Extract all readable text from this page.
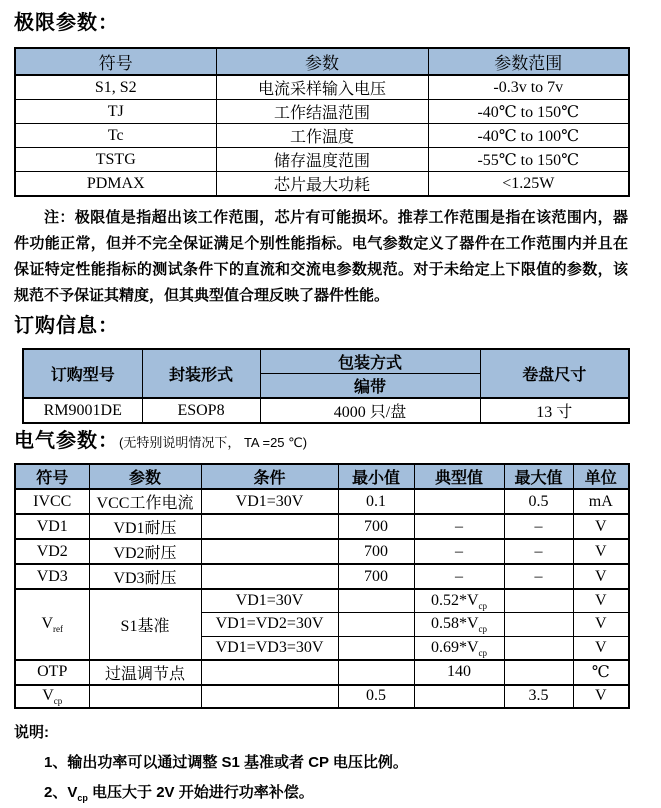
极限参数：
符号	参数	参数范围
S1, S2	电流采样输入电压	-0.3v to 7v
TJ	工作结温范围	-40℃ to 150℃
Tc	工作温度	-40℃ to 100℃
TSTG	储存温度范围	-55℃ to 150℃
PDMAX	芯片最大功耗	<1.25W

注：极限值是指超出该工作范围，芯片有可能损坏。推荐工作范围是指在该范围内，器件功能正常，但并不完全保证满足个别性能指标。电气参数定义了器件在工作范围内并且在保证特定性能指标的测试条件下的直流和交流电参数规范。对于未给定上下限值的参数，该规范不予保证其精度，但其典型值合理反映了器件性能。

订购信息：
订购型号	封装形式	包装方式	卷盘尺寸
		编带	
RM9001DE	ESOP8	4000 只/盘	13 寸
电气参数：(无特别说明情况下， TA =25 ℃)
符号	参数	条件	最小值	典型值	最大值	单位
IVCC	VCC工作电流	VD1=30V	0.1		0.5	mA
VD1	VD1耐压		700	–	–	V
VD2	VD2耐压		700	–	–	V
VD3	VD3耐压		700	–	–	V
$V_{ref}$	S1基准	VD1=30V		$0.52*V_{cp}$		V
		VD1=VD2=30V		$0.58*V_{cp}$		V
		VD1=VD3=30V		$0.69*V_{cp}$		V
OTP	过温调节点			140		℃
$V_{cp}$			0.5		3.5	V
说明:
1、输出功率可以通过调整 S1 基准或者 CP 电压比例。
2、$V_{cp}$ 电压大于 2V 开始进行功率补偿。
